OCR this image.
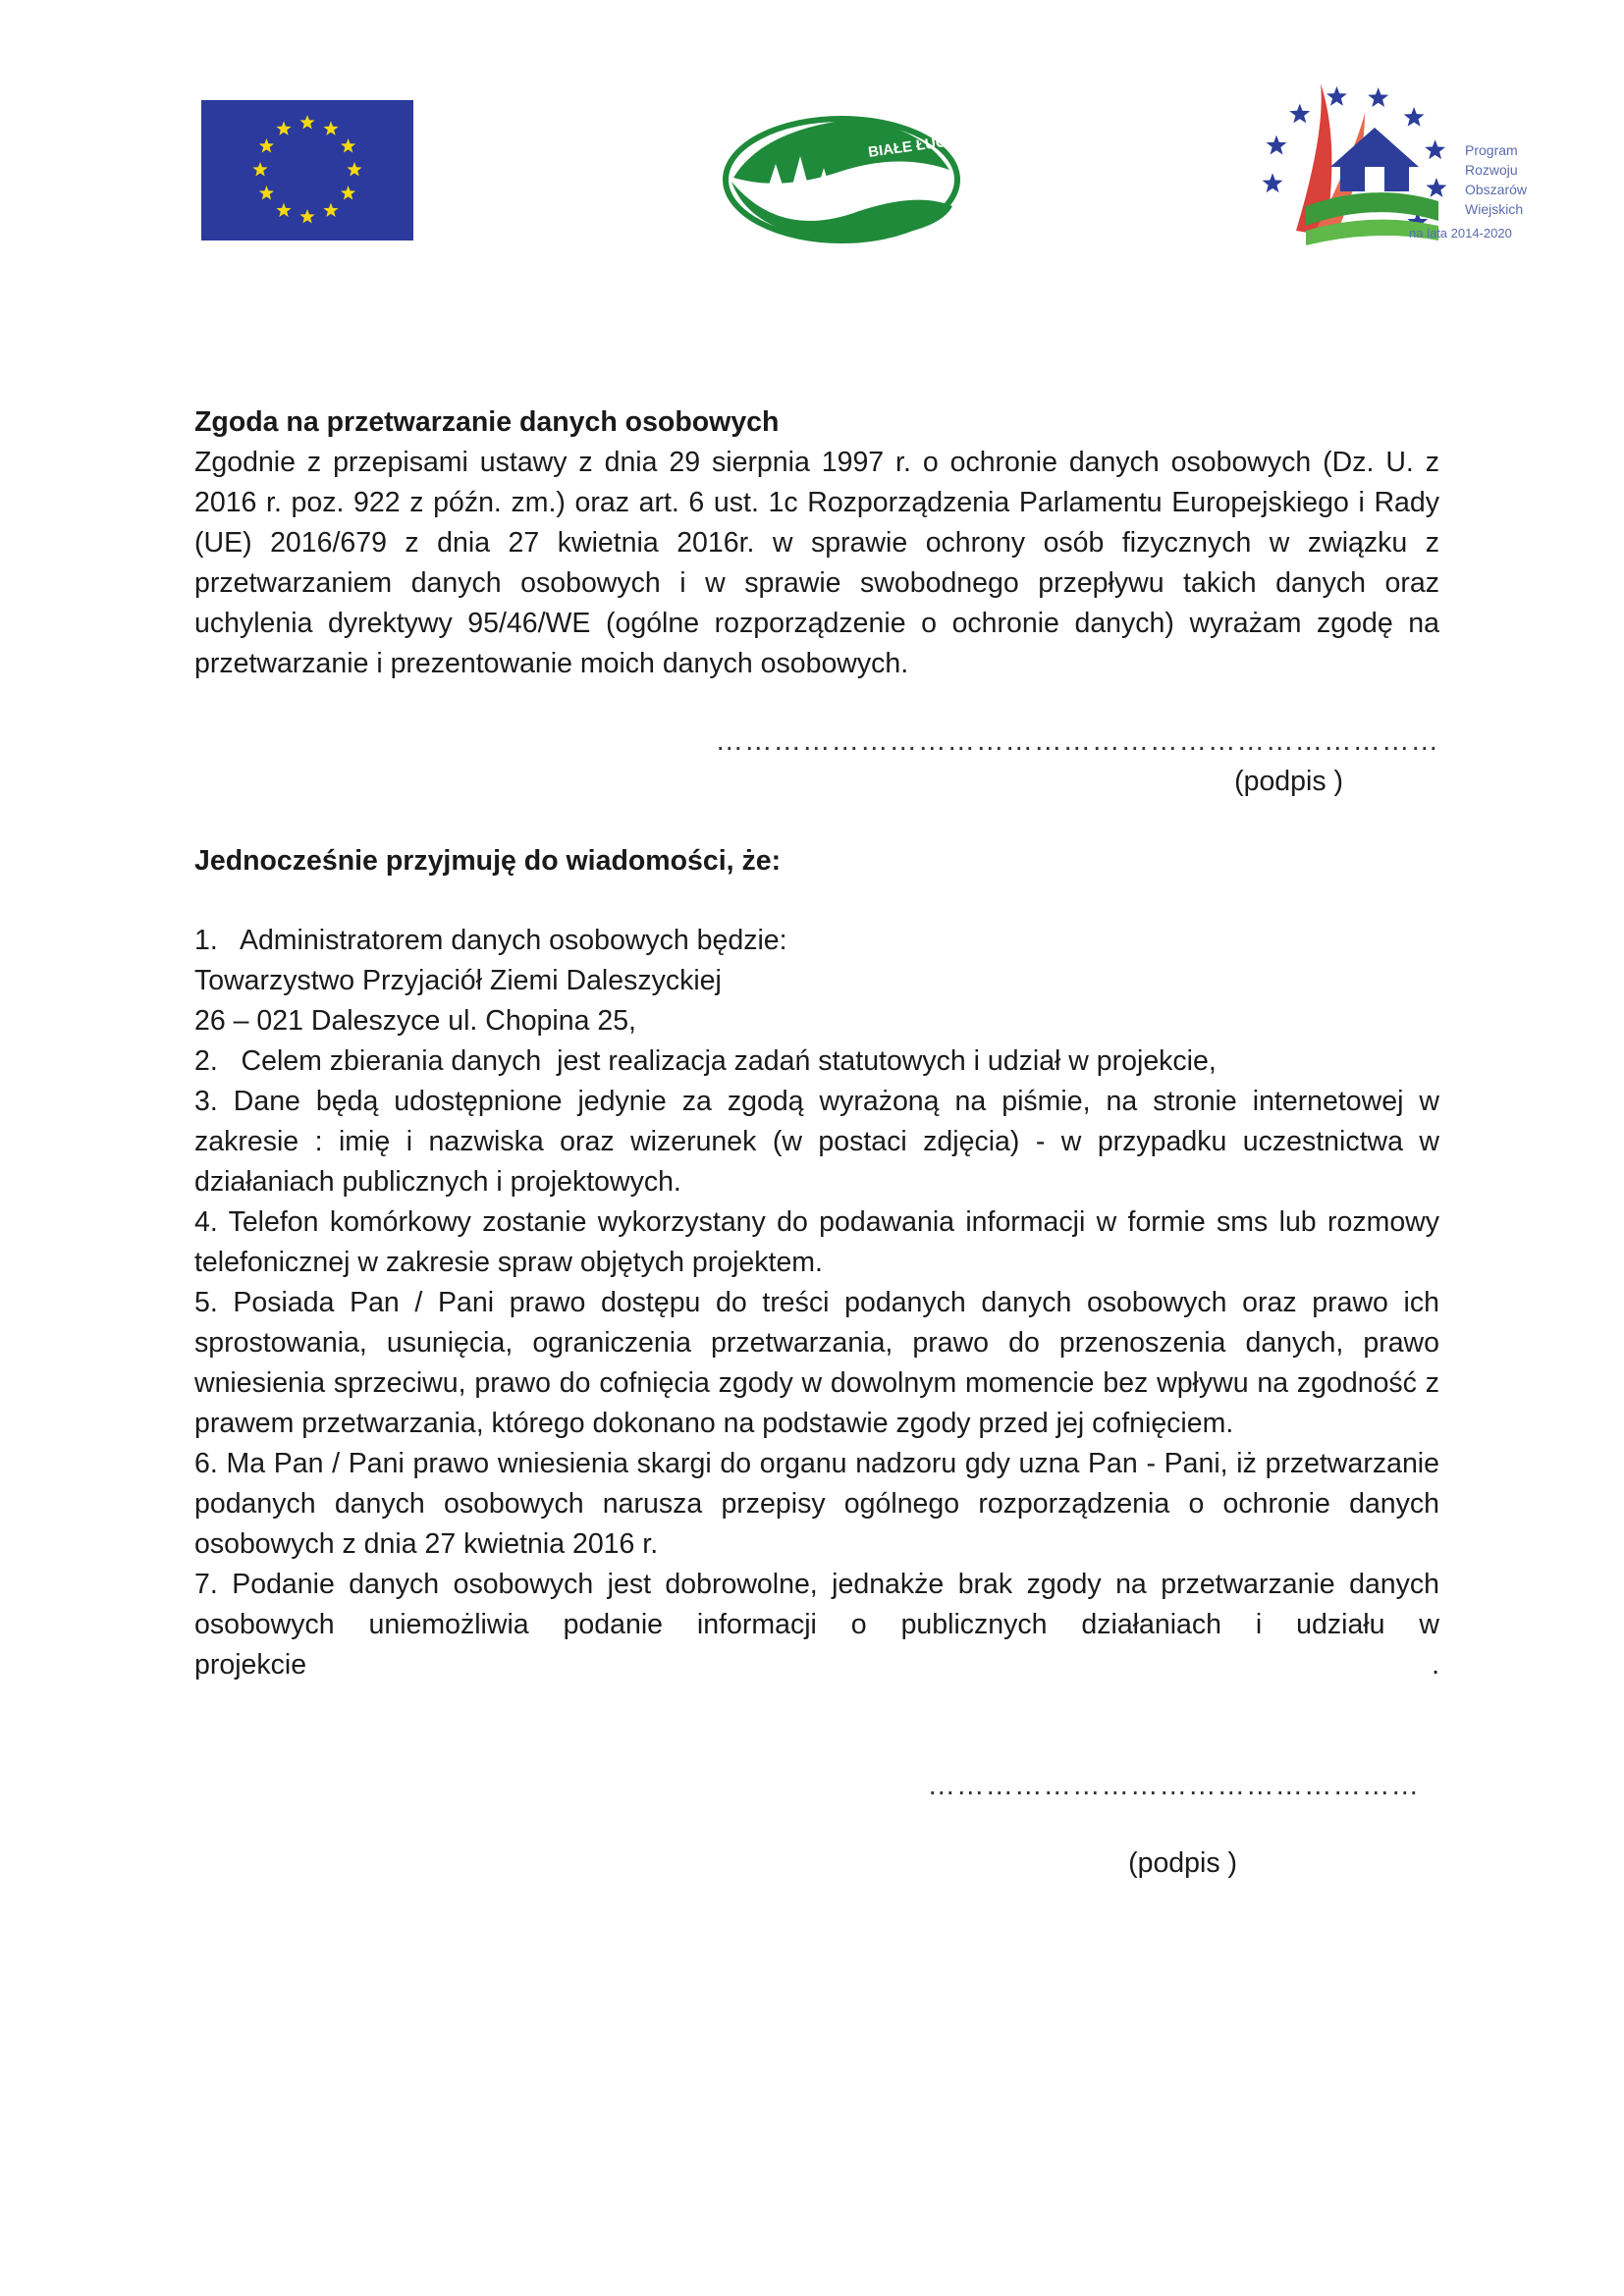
BIAŁE ŁUGI	Program
Rozwoju
Obszarów
Wiejskich
na lata 2014-2020
Zgoda na przetwarzanie danych osobowych
Zgodnie z przepisami ustawy z dnia 29 sierpnia 1997 r. o ochronie danych osobowych (Dz. U. z 2016 r. poz. 922 z późn. zm.) oraz art. 6 ust. 1c Rozporządzenia Parlamentu Europejskiego i Rady (UE) 2016/679 z dnia 27 kwietnia 2016r. w sprawie ochrony osób fizycznych w związku z przetwarzaniem danych osobowych i w sprawie swobodnego przepływu takich danych oraz uchylenia dyrektywy 95/46/WE (ogólne rozporządzenie o ochronie danych) wyrażam zgodę na przetwarzanie i prezentowanie moich danych osobowych.
…………………………………………………………………
(podpis )
Jednocześnie przyjmuję do wiadomości, że:
1.   Administratorem danych osobowych będzie:
Towarzystwo Przyjaciół Ziemi Daleszyckiej
26 – 021 Daleszyce ul. Chopina 25,
2.   Celem zbierania danych  jest realizacja zadań statutowych i udział w projekcie,
3. Dane będą udostępnione jedynie za zgodą wyrażoną na piśmie, na stronie internetowej w zakresie : imię i nazwiska oraz wizerunek (w postaci zdjęcia) - w przypadku uczestnictwa w działaniach publicznych i projektowych.
4. Telefon komórkowy zostanie wykorzystany do podawania informacji w formie sms lub rozmowy telefonicznej w zakresie spraw objętych projektem.
5. Posiada Pan / Pani prawo dostępu do treści podanych danych osobowych oraz prawo ich sprostowania, usunięcia, ograniczenia przetwarzania, prawo do przenoszenia danych, prawo wniesienia sprzeciwu, prawo do cofnięcia zgody w dowolnym momencie bez wpływu na zgodność z prawem przetwarzania, którego dokonano na podstawie zgody przed jej cofnięciem.
6. Ma Pan / Pani prawo wniesienia skargi do organu nadzoru gdy uzna Pan - Pani, iż przetwarzanie podanych danych osobowych narusza przepisy ogólnego rozporządzenia o ochronie danych osobowych z dnia 27 kwietnia 2016 r.
7. Podanie danych osobowych jest dobrowolne, jednakże brak zgody na przetwarzanie danych osobowych uniemożliwia podanie informacji o publicznych działaniach i udziału w
projekcie	.
……………………………………………
(podpis )
